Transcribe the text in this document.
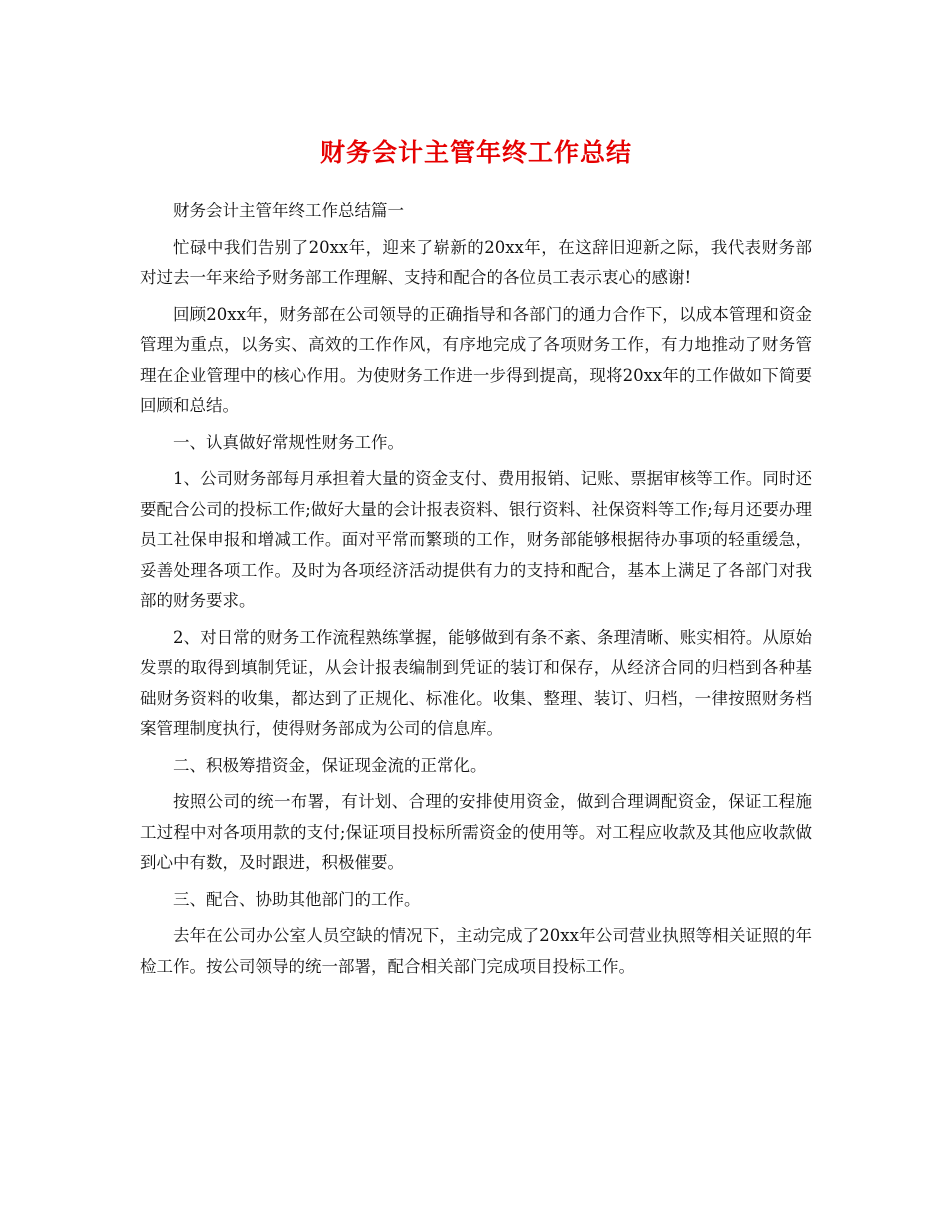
财务会计主管年终工作总结

财务会计主管年终工作总结篇一

忙碌中我们告别了20xx年，迎来了崭新的20xx年，在这辞旧迎新之际，我代表财务部对过去一年来给予财务部工作理解、支持和配合的各位员工表示衷心的感谢!

回顾20xx年，财务部在公司领导的正确指导和各部门的通力合作下，以成本管理和资金管理为重点，以务实、高效的工作作风，有序地完成了各项财务工作，有力地推动了财务管理在企业管理中的核心作用。为使财务工作进一步得到提高，现将20xx年的工作做如下简要回顾和总结。

一、认真做好常规性财务工作。

1、公司财务部每月承担着大量的资金支付、费用报销、记账、票据审核等工作。同时还要配合公司的投标工作;做好大量的会计报表资料、银行资料、社保资料等工作;每月还要办理员工社保申报和增减工作。面对平常而繁琐的工作，财务部能够根据待办事项的轻重缓急，妥善处理各项工作。及时为各项经济活动提供有力的支持和配合，基本上满足了各部门对我部的财务要求。

2、对日常的财务工作流程熟练掌握，能够做到有条不紊、条理清晰、账实相符。从原始发票的取得到填制凭证，从会计报表编制到凭证的装订和保存，从经济合同的归档到各种基础财务资料的收集，都达到了正规化、标准化。收集、整理、装订、归档，一律按照财务档案管理制度执行，使得财务部成为公司的信息库。

二、积极筹措资金，保证现金流的正常化。

按照公司的统一布署，有计划、合理的安排使用资金，做到合理调配资金，保证工程施工过程中对各项用款的支付;保证项目投标所需资金的使用等。对工程应收款及其他应收款做到心中有数，及时跟进，积极催要。

三、配合、协助其他部门的工作。

去年在公司办公室人员空缺的情况下，主动完成了20xx年公司营业执照等相关证照的年检工作。按公司领导的统一部署，配合相关部门完成项目投标工作。
